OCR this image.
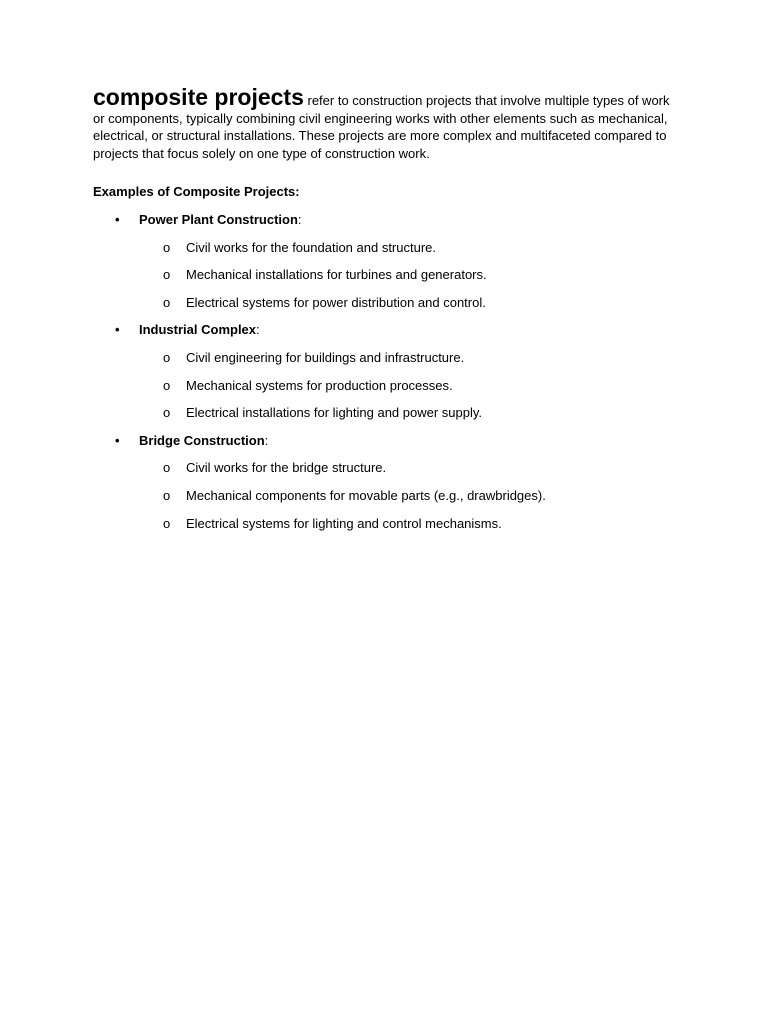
composite projects refer to construction projects that involve multiple types of work or components, typically combining civil engineering works with other elements such as mechanical, electrical, or structural installations. These projects are more complex and multifaceted compared to projects that focus solely on one type of construction work.

Examples of Composite Projects:

•	Power Plant Construction:
o Civil works for the foundation and structure.
o Mechanical installations for turbines and generators.
o Electrical systems for power distribution and control.
•	Industrial Complex:
o Civil engineering for buildings and infrastructure.
o Mechanical systems for production processes.
o Electrical installations for lighting and power supply.
•	Bridge Construction:
o Civil works for the bridge structure.
o Mechanical components for movable parts (e.g., drawbridges).
o Electrical systems for lighting and control mechanisms.
